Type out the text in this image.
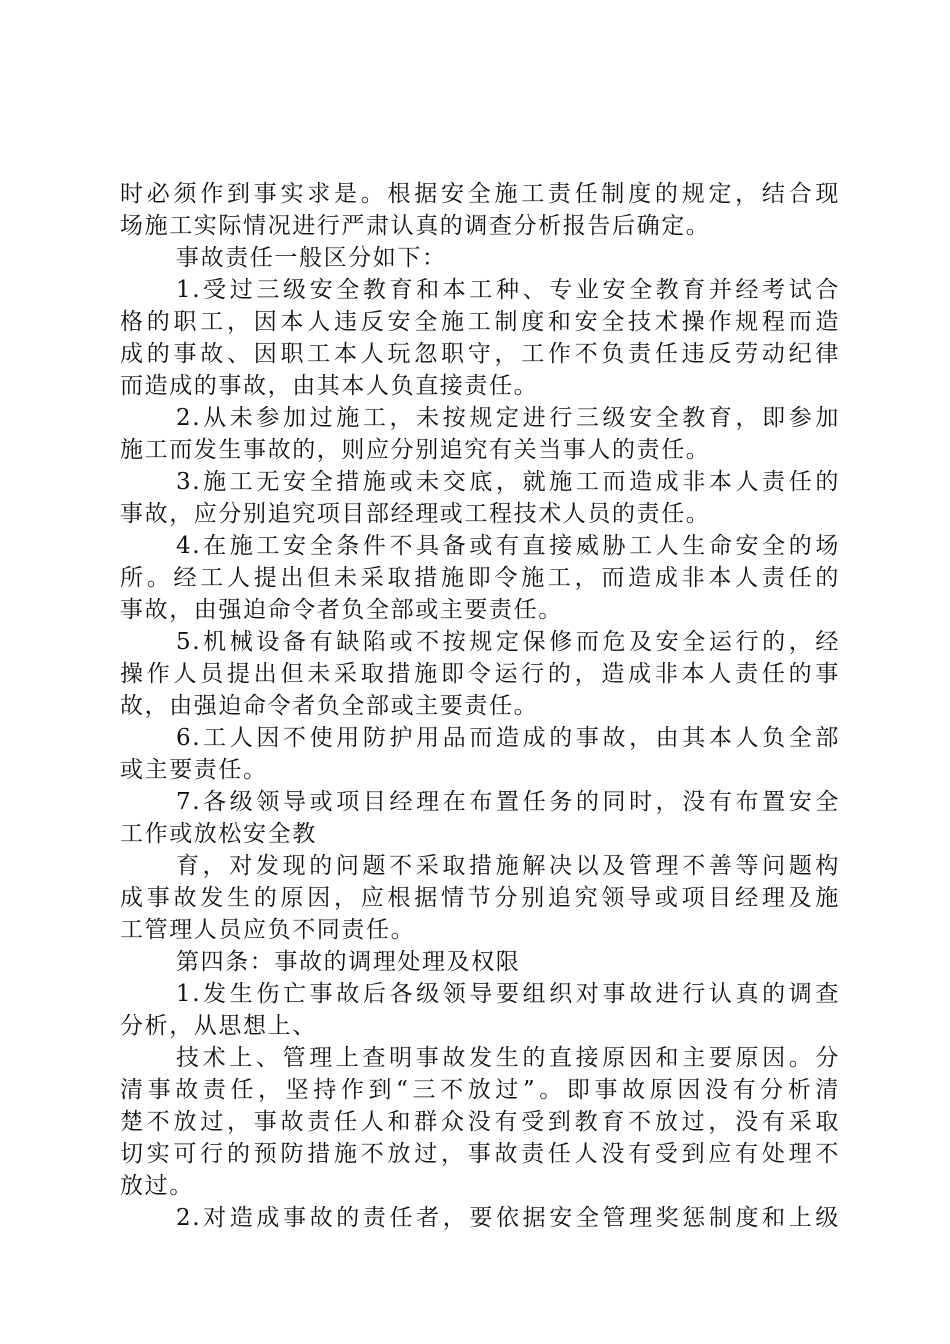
时必须作到事实求是。根据安全施工责任制度的规定，结合现
场施工实际情况进行严肃认真的调查分析报告后确定。
事故责任一般区分如下：
1.受过三级安全教育和本工种、专业安全教育并经考试合
格的职工，因本人违反安全施工制度和安全技术操作规程而造
成的事故、因职工本人玩忽职守，工作不负责任违反劳动纪律
而造成的事故，由其本人负直接责任。
2.从未参加过施工，未按规定进行三级安全教育，即参加
施工而发生事故的，则应分别追究有关当事人的责任。
3.施工无安全措施或未交底，就施工而造成非本人责任的
事故，应分别追究项目部经理或工程技术人员的责任。
4.在施工安全条件不具备或有直接威胁工人生命安全的场
所。经工人提出但未采取措施即令施工，而造成非本人责任的
事故，由强迫命令者负全部或主要责任。
5.机械设备有缺陷或不按规定保修而危及安全运行的，经
操作人员提出但未采取措施即令运行的，造成非本人责任的事
故，由强迫命令者负全部或主要责任。
6.工人因不使用防护用品而造成的事故，由其本人负全部
或主要责任。
7.各级领导或项目经理在布置任务的同时，没有布置安全
工作或放松安全教
育，对发现的问题不采取措施解决以及管理不善等问题构
成事故发生的原因，应根据情节分别追究领导或项目经理及施
工管理人员应负不同责任。
第四条：事故的调理处理及权限
1.发生伤亡事故后各级领导要组织对事故进行认真的调查
分析，从思想上、
技术上、管理上查明事故发生的直接原因和主要原因。分
清事故责任，坚持作到“三不放过”。即事故原因没有分析清
楚不放过，事故责任人和群众没有受到教育不放过，没有采取
切实可行的预防措施不放过，事故责任人没有受到应有处理不
放过。
2.对造成事故的责任者，要依据安全管理奖惩制度和上级
